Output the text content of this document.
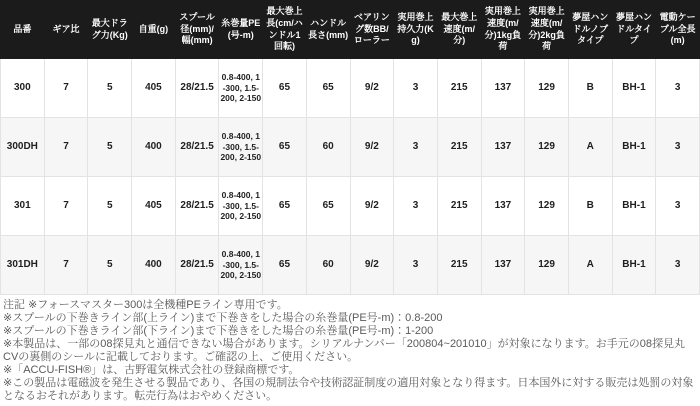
品番	ギア比	最大ドラグ力(Kg)	自重(g)	スプール径(mm)/幅(mm)	糸巻量PE(号-m)	最大巻上長(cm/ハンドル1回転)	ハンドル長さ(mm)	ベアリング数BB/ローラー	実用巻上持久力(Kg)	最大巻上速度(m/分)	実用巻上速度(m/分)1kg負荷	実用巻上速度(m/分)2kg負荷	夢屋ハンドルノブタイプ	夢屋ハンドルタイプ	電動ケーブル全長(m)
300	7	5	405	28/21.5	0.8-400, 1-300, 1.5-200, 2-150	65	65	9/2	3	215	137	129	B	BH-1	3
300DH	7	5	400	28/21.5	0.8-400, 1-300, 1.5-200, 2-150	65	60	9/2	3	215	137	129	A	BH-1	3
301	7	5	405	28/21.5	0.8-400, 1-300, 1.5-200, 2-150	65	65	9/2	3	215	137	129	B	BH-1	3
301DH	7	5	400	28/21.5	0.8-400, 1-300, 1.5-200, 2-150	65	60	9/2	3	215	137	129	A	BH-1	3
注記 ※フォースマスター300は全機種PEライン専用です。
※スプールの下巻きライン部(上ライン)まで下巻きをした場合の糸巻量(PE号-m)：0.8-200
※スプールの下巻きライン部(下ライン)まで下巻きをした場合の糸巻量(PE号-m)：1-200
※本製品は、一部の08探見丸と通信できない場合があります。シリアルナンバー「200804~201010」が対象になります。お手元の08探見丸CVの裏側のシールに記載しております。ご確認の上、ご使用ください。
※「ACCU-FISH®」は、古野電気株式会社の登録商標です。
※この製品は電磁波を発生させる製品であり、各国の規制法令や技術認証制度の適用対象となり得ます。日本国外に対する販売は処罰の対象となるおそれがあります。転売行為はおやめください。
